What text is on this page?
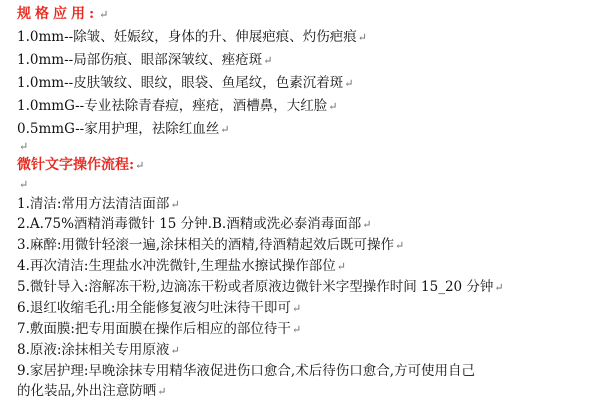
规格应用:↵
1.0mm--除皱、妊娠纹，身体的升、伸展疤痕、灼伤疤痕↵
1.0mm--局部伤痕、眼部深皱纹、痤疮斑↵
1.0mm--皮肤皱纹、眼纹，眼袋、鱼尾纹，色素沉着斑↵
1.0mmG--专业祛除青春痘，痤疮，酒槽鼻，大红脸↵
0.5mmG--家用护理，祛除红血丝↵
↵
微针文字操作流程:↵
↵
1.清洁:常用方法清洁面部↵
2.A.75%酒精消毒微针 15 分钟.B.酒精或洗必泰消毒面部↵
3.麻醉:用微针轻滚一遍,涂抹相关的酒精,待酒精起效后既可操作↵
4.再次清洁:生理盐水冲洗微针,生理盐水擦试操作部位↵
5.微针导入:溶解冻干粉,边滴冻干粉或者原液边微针米字型操作时间 15_20 分钟↵
6.退红收缩毛孔:用全能修复液匀吐沫待干即可↵
7.敷面膜:把专用面膜在操作后相应的部位待干↵
8.原液:涂抹相关专用原液↵
9.家居护理:早晚涂抹专用精华液促进伤口愈合,术后待伤口愈合,方可使用自己
的化装品,外出注意防晒↵
